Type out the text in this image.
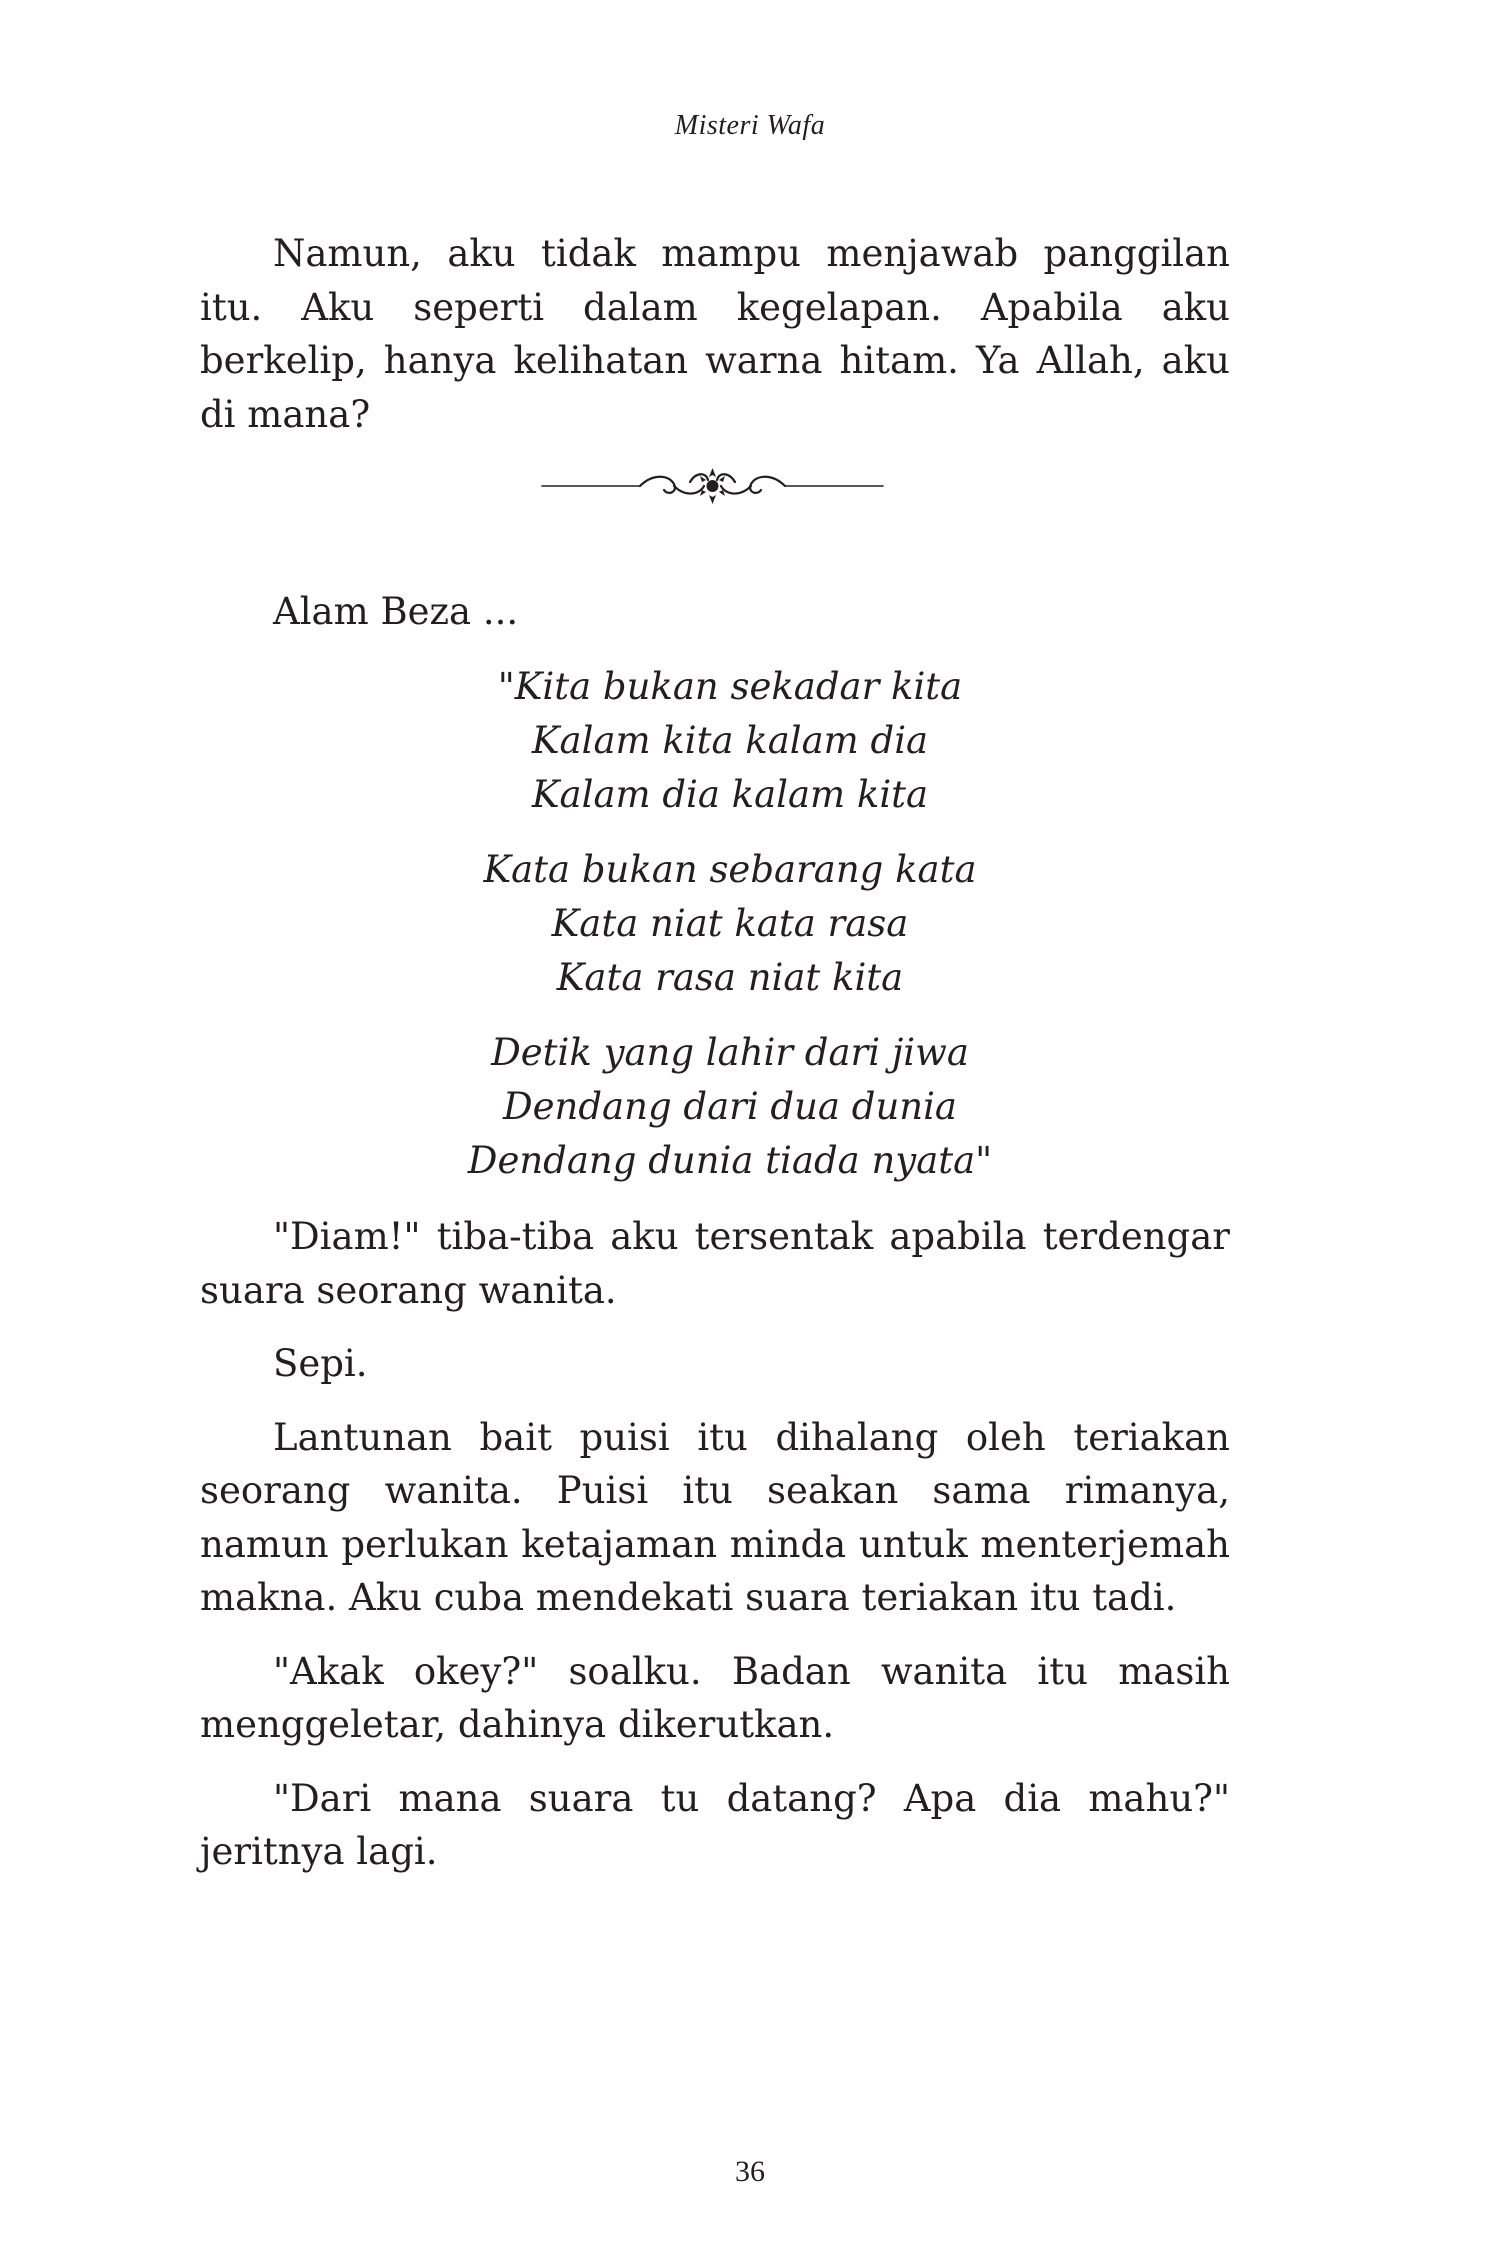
Misteri Wafa

Namun, aku tidak mampu menjawab panggilan itu. Aku seperti dalam kegelapan. Apabila aku berkelip, hanya kelihatan warna hitam. Ya Allah, aku di mana?

Alam Beza ...
"Kita bukan sekadar kita
Kalam kita kalam dia
Kalam dia kalam kita
Kata bukan sebarang kata
Kata niat kata rasa
Kata rasa niat kita
Detik yang lahir dari jiwa
Dendang dari dua dunia
Dendang dunia tiada nyata"

"Diam!" tiba-tiba aku tersentak apabila terdengar suara seorang wanita.

Sepi.

Lantunan bait puisi itu dihalang oleh teriakan seorang wanita. Puisi itu seakan sama rimanya, namun perlukan ketajaman minda untuk menterjemah makna. Aku cuba mendekati suara teriakan itu tadi.

"Akak okey?" soalku. Badan wanita itu masih menggeletar, dahinya dikerutkan.

"Dari mana suara tu datang? Apa dia mahu?" jeritnya lagi.

36
